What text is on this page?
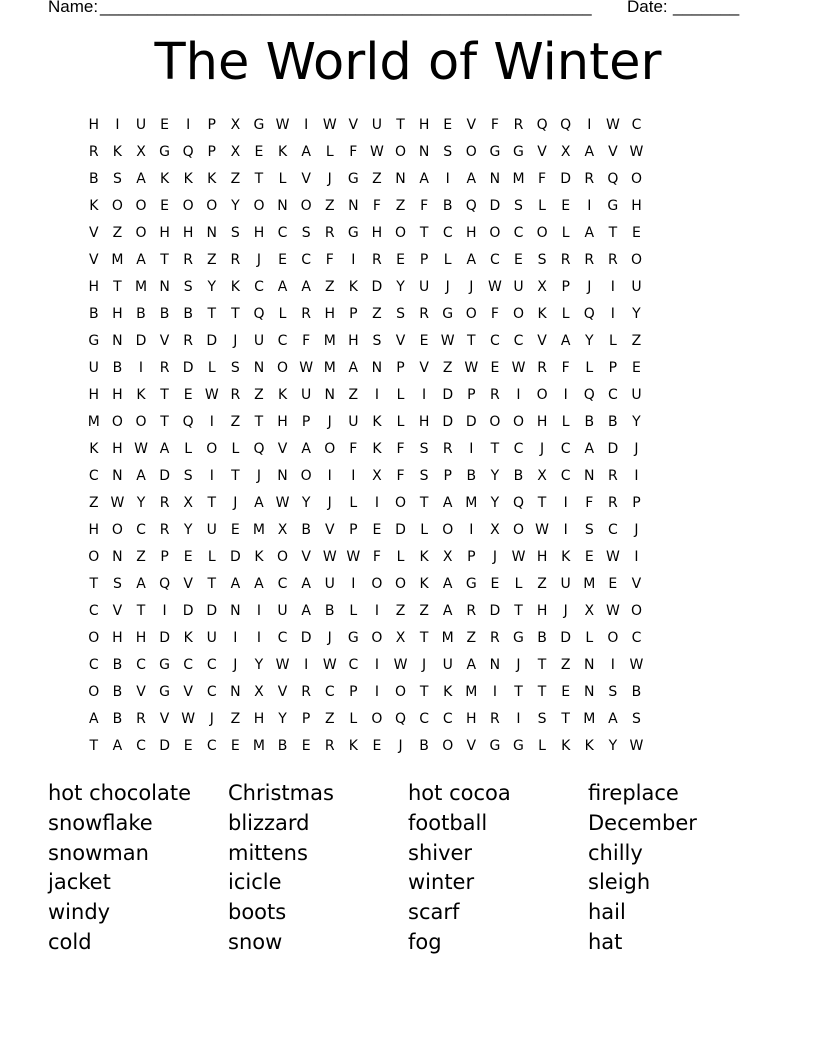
Name: ____________________________________________________ Date: _______
The World of Winter
H	I	U	E	I	P	X G W	I	W V U	T	H E	V	F	R Q Q	I	W C
R	K	X G Q P	X	E	K	A	L	F W O N S O G G V	X	A	V W
B	S	A	K	K	K	Z	T	L	V	J	G Z N A	I	A N M F	D R Q O
K O O E O O Y O N O Z N	F	Z	F	B Q D S	L	E	I	G H
V	Z O H H N S H C	S	R G H O T	C H O C O	L	A	T	E
V M A	T	R Z R	J	E	C	F	I	R	E	P	L	A C	E	S	R R R O
H	T M N S	Y	K	C A	A	Z	K D Y	U	J	J	W U X	P	J	I	U
B H B B B	T	T Q	L	R H	P	Z	S	R G O	F	O K	L	Q	I	Y
G N D V R D	J	U C	F M H S	V	E W T	C C V	A	Y	L	Z
U B	I	R D	L	S N O W M A N	P	V	Z W E W R	F	L	P	E
H H K	T	E W R Z	K U N Z	I	L	I	D P	R	I	O	I	Q C U
M O O T Q	I	Z	T	H	P	J	U K	L	H D D O O H	L	B B	Y
K H W A	L	O	L	Q V	A O	F	K	F	S	R	I	T	C	J	C A D	J
C N A D S	I	T	J	N O	I	I	X	F	S	P	B	Y	B	X C N R	I
Z W Y	R X	T	J	A W Y	J	L	I	O T	A M Y Q T	I	F	R	P
H O C R	Y	U	E M X B	V	P	E D	L	O	I	X O W	I	S	C	J
O N Z	P	E	L	D K O V W W F	L	K	X	P	J	W H K	E W	I
T	S	A Q V	T	A	A C A U	I	O O K	A G E	L	Z U M E	V
C V	T	I	D D N	I	U A	B	L	I	Z	Z	A R D T	H	J	X W O
O H H D K U	I	I	C D	J	G O X	T M Z R G B D	L	O C
C B C G C C	J	Y W	I	W C	I	W	J	U A N	J	T	Z N	I	W
O B	V G V C N X	V R C	P	I	O T	K M	I	T	T	E N S	B
A	B R V W	J	Z H	Y	P	Z	L	O Q C C H R	I	S	T M A	S
T	A C D E	C	E M B	E	R	K	E	J	B O V G G	L	K	K	Y W
hot chocolate	Christmas	hot cocoa	fireplace
snowflake	blizzard	football	December
snowman	mittens	shiver	chilly
jacket	icicle	winter	sleigh
windy	boots	scarf	hail
cold	snow	fog	hat
